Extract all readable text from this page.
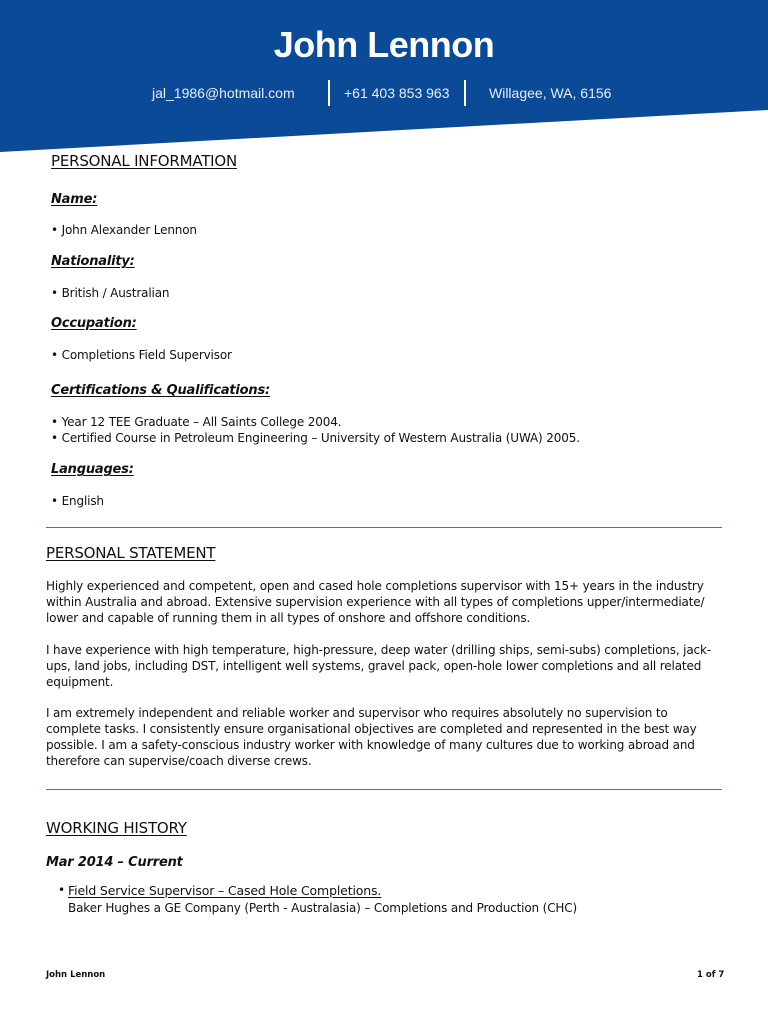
John Lennon
jal_1986@hotmail.com	+61 403 853 963	Willagee, WA, 6156
PERSONAL INFORMATION
Name:
• John Alexander Lennon
Nationality:
• British / Australian
Occupation:
• Completions Field Supervisor
Certifications & Qualifications:
• Year 12 TEE Graduate – All Saints College 2004.
• Certified Course in Petroleum Engineering – University of Western Australia (UWA) 2005.
Languages:
• English
PERSONAL STATEMENT

Highly experienced and competent, open and cased hole completions supervisor with 15+ years in the industry within Australia and abroad. Extensive supervision experience with all types of completions upper/intermediate/ lower and capable of running them in all types of onshore and offshore conditions.

I have experience with high temperature, high-pressure, deep water (drilling ships, semi-subs) completions, jack-ups, land jobs, including DST, intelligent well systems, gravel pack, open-hole lower completions and all related equipment.

I am extremely independent and reliable worker and supervisor who requires absolutely no supervision to complete tasks. I consistently ensure organisational objectives are completed and represented in the best way possible. I am a safety-conscious industry worker with knowledge of many cultures due to working abroad and therefore can supervise/coach diverse crews.

WORKING HISTORY
Mar 2014 – Current
• Field Service Supervisor – Cased Hole Completions.
Baker Hughes a GE Company (Perth - Australasia) – Completions and Production (CHC)
John Lennon	1 of 7
